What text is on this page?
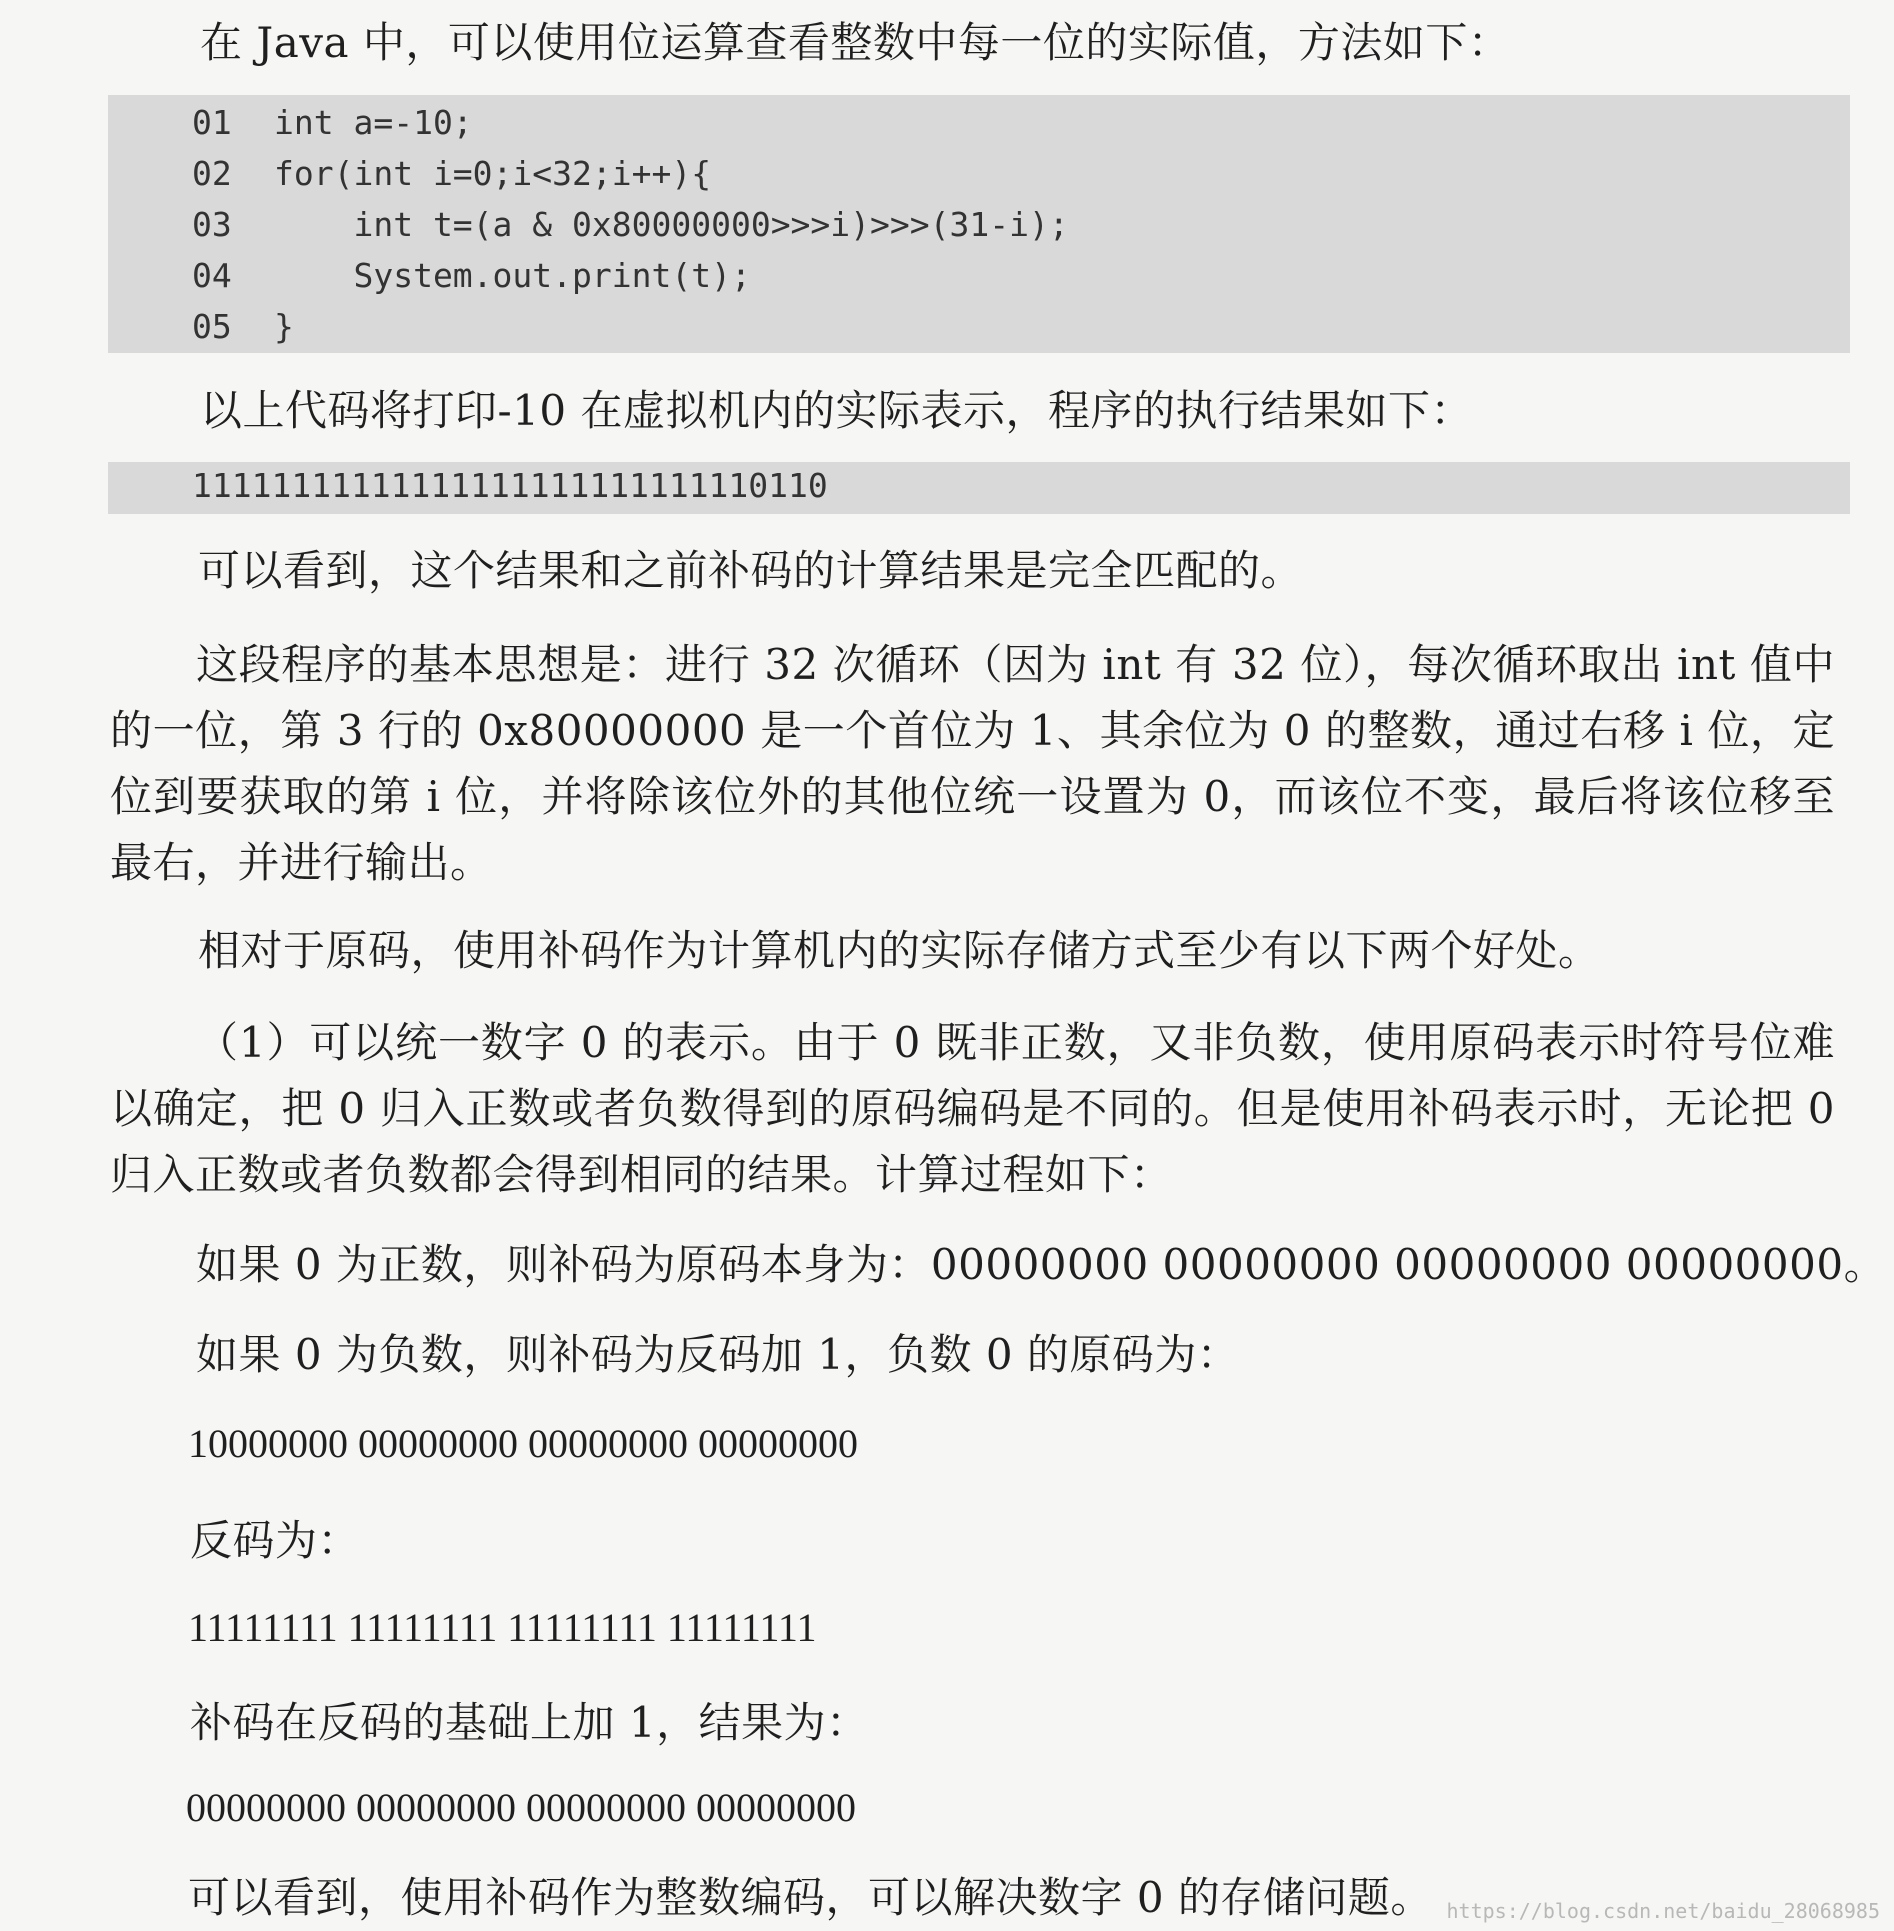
在 Java 中，可以使用位运算查看整数中每一位的实际值，方法如下：
01 int a=-10;
02 for(int i=0;i<32;i++){
03    int t=(a & 0x80000000>>>i)>>>(31-i);
04    System.out.print(t);
05 }
以上代码将打印-10 在虚拟机内的实际表示，程序的执行结果如下：
11111111111111111111111111110110
可以看到，这个结果和之前补码的计算结果是完全匹配的。
这段程序的基本思想是：进行 32 次循环（因为 int 有 32 位），每次循环取出 int 值中的一位，第 3 行的 0x80000000 是一个首位为 1、其余位为 0 的整数，通过右移 i 位，定位到要获取的第 i 位，并将除该位外的其他位统一设置为 0，而该位不变，最后将该位移至最右，并进行输出。
相对于原码，使用补码作为计算机内的实际存储方式至少有以下两个好处。
（1）可以统一数字 0 的表示。由于 0 既非正数，又非负数，使用原码表示时符号位难以确定，把 0 归入正数或者负数得到的原码编码是不同的。但是使用补码表示时，无论把 0 归入正数或者负数都会得到相同的结果。计算过程如下：
如果 0 为正数，则补码为原码本身为：00000000 00000000 00000000 00000000。
如果 0 为负数，则补码为反码加 1，负数 0 的原码为：
10000000 00000000 00000000 00000000
反码为：
11111111 11111111 11111111 11111111
补码在反码的基础上加 1，结果为：
00000000 00000000 00000000 00000000
可以看到，使用补码作为整数编码，可以解决数字 0 的存储问题。 https://blog.csdn.net/baidu_28068985
